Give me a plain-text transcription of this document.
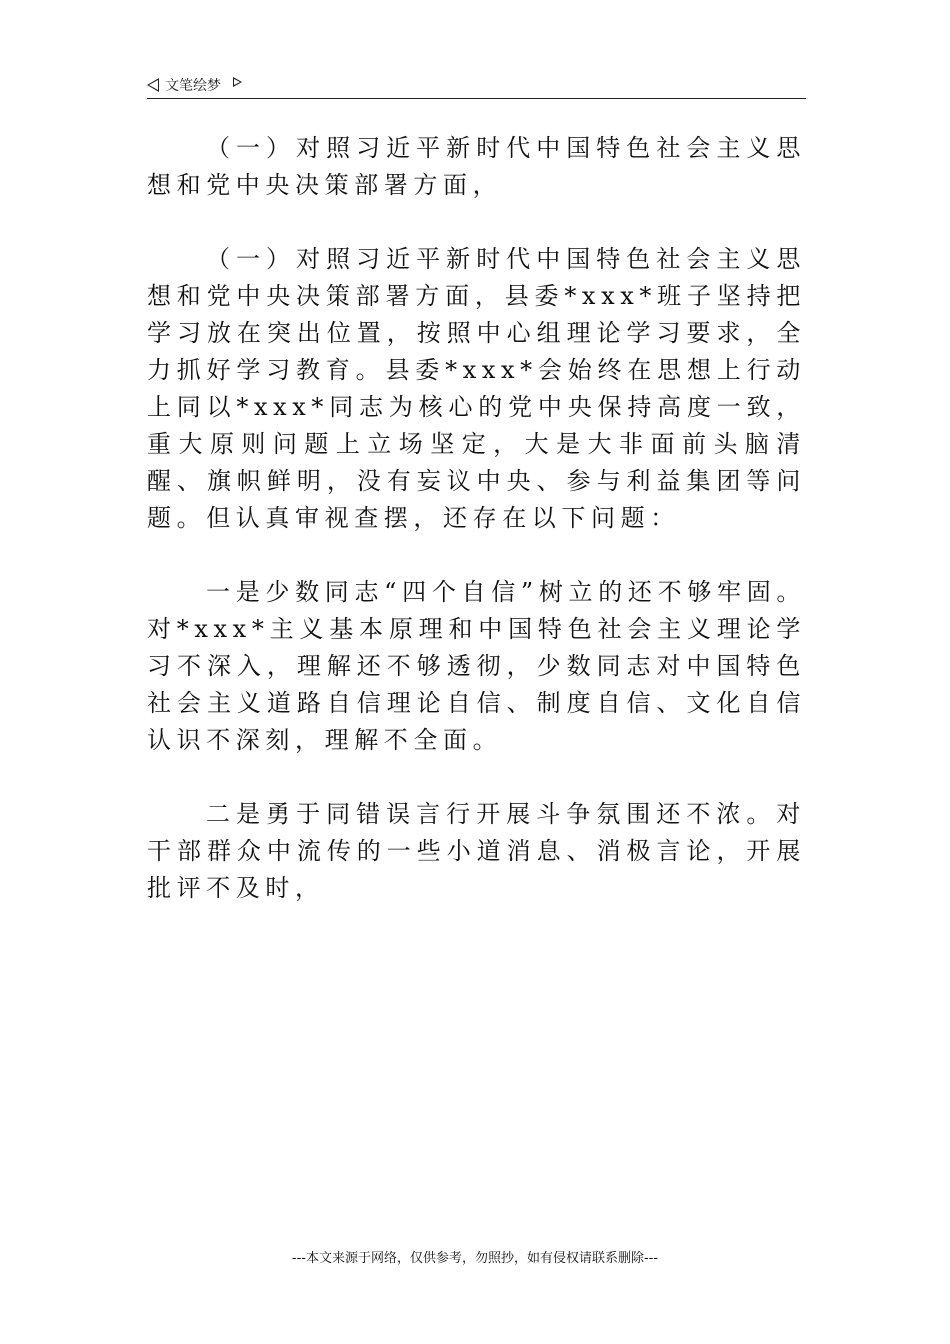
文笔绘梦

（一）对照习近平新时代中国特色社会主义思想和党中央决策部署方面，

（一）对照习近平新时代中国特色社会主义思想和党中央决策部署方面，县委*xxx*班子坚持把学习放在突出位置，按照中心组理论学习要求，全力抓好学习教育。县委*xxx*会始终在思想上行动上同以*xxx*同志为核心的党中央保持高度一致，重大原则问题上立场坚定，大是大非面前头脑清醒、旗帜鲜明，没有妄议中央、参与利益集团等问题。但认真审视查摆，还存在以下问题：

一是少数同志“四个自信”树立的还不够牢固。对*xxx*主义基本原理和中国特色社会主义理论学习不深入，理解还不够透彻，少数同志对中国特色社会主义道路自信理论自信、制度自信、文化自信认识不深刻，理解不全面。

二是勇于同错误言行开展斗争氛围还不浓。对干部群众中流传的一些小道消息、消极言论，开展批评不及时，

---本文来源于网络，仅供参考，勿照抄，如有侵权请联系删除---
